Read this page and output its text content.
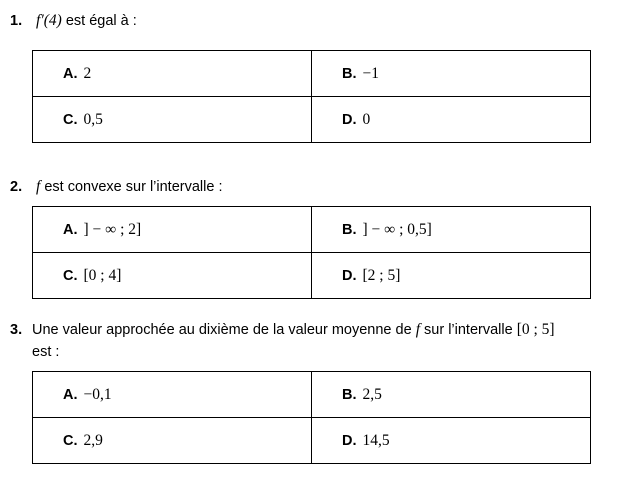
1. f′(4) est égal à :
A. 2	B. −1
C. 0,5	D. 0
2. f est convexe sur l’intervalle :
A. ] − ∞ ; 2]	B. ] − ∞ ; 0,5]
C. [0 ; 4]	D. [2 ; 5]
3. Une valeur approchée au dixième de la valeur moyenne de f sur l’intervalle [0 ; 5]
est :
A. −0,1	B. 2,5
C. 2,9	D. 14,5
